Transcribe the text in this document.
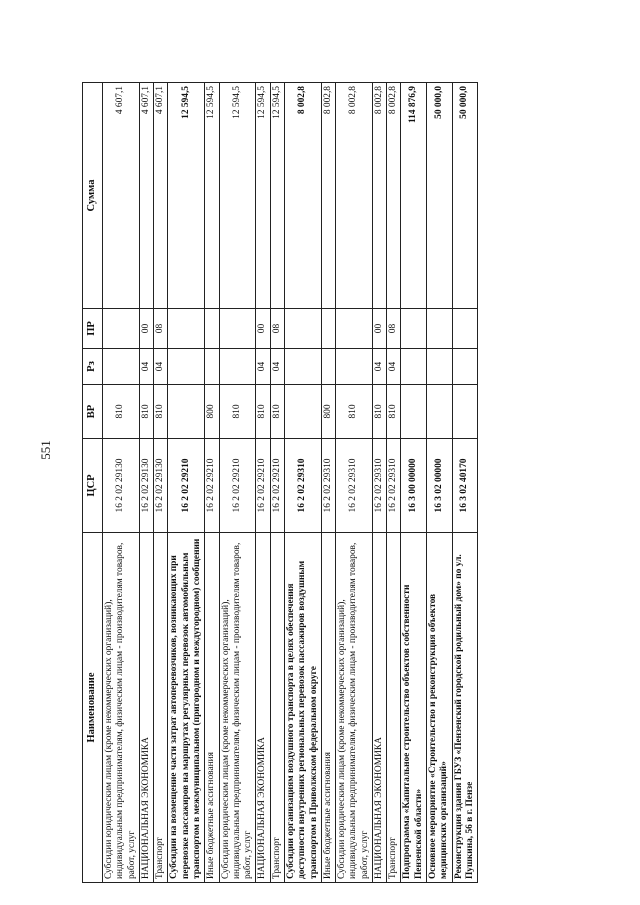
551
Наименование	ЦСР	ВР	Рз	ПР	Сумма
Субсидии юридическим лицам (кроме некоммерческих организаций), индивидуальным предпринимателям, физическим лицам - производителям товаров, работ, услуг	16 2 02 29130	810			4 607,1
НАЦИОНАЛЬНАЯ ЭКОНОМИКА	16 2 02 29130	810	04	00	4 607,1
Транспорт	16 2 02 29130	810	04	08	4 607,1
Субсидии на возмещение части затрат автоперевозчиков, возникающих при перевозке пассажиров на маршрутах регулярных перевозок автомобильным транспортом в межмуниципальном (пригородном и междугородном) сообщении	16 2 02 29210				12 594,5
Иные бюджетные ассигнования	16 2 02 29210	800			12 594,5
Субсидии юридическим лицам (кроме некоммерческих организаций), индивидуальным предпринимателям, физическим лицам - производителям товаров, работ, услуг	16 2 02 29210	810			12 594,5
НАЦИОНАЛЬНАЯ ЭКОНОМИКА	16 2 02 29210	810	04	00	12 594,5
Транспорт	16 2 02 29210	810	04	08	12 594,5
Субсидии организациям воздушного транспорта в целях обеспечения доступности внутренних региональных перевозок пассажиров воздушным транспортом в Приволжском федеральном округе	16 2 02 29310				8 002,8
Иные бюджетные ассигнования	16 2 02 29310	800			8 002,8
Субсидии юридическим лицам (кроме некоммерческих организаций), индивидуальным предпринимателям, физическим лицам - производителям товаров, работ, услуг	16 2 02 29310	810			8 002,8
НАЦИОНАЛЬНАЯ ЭКОНОМИКА	16 2 02 29310	810	04	00	8 002,8
Транспорт	16 2 02 29310	810	04	08	8 002,8
Подпрограмма «Капитальное строительство объектов собственности Пензенской области»	16 3 00 00000				114 876,9
Основное мероприятие «Строительство и реконструкция объектов медицинских организаций»	16 3 02 00000				50 000,0
Реконструкция здания ГБУЗ «Пензенский городской родильный дом» по ул. Пушкина, 56 в г. Пензе	16 3 02 40170				50 000,0
